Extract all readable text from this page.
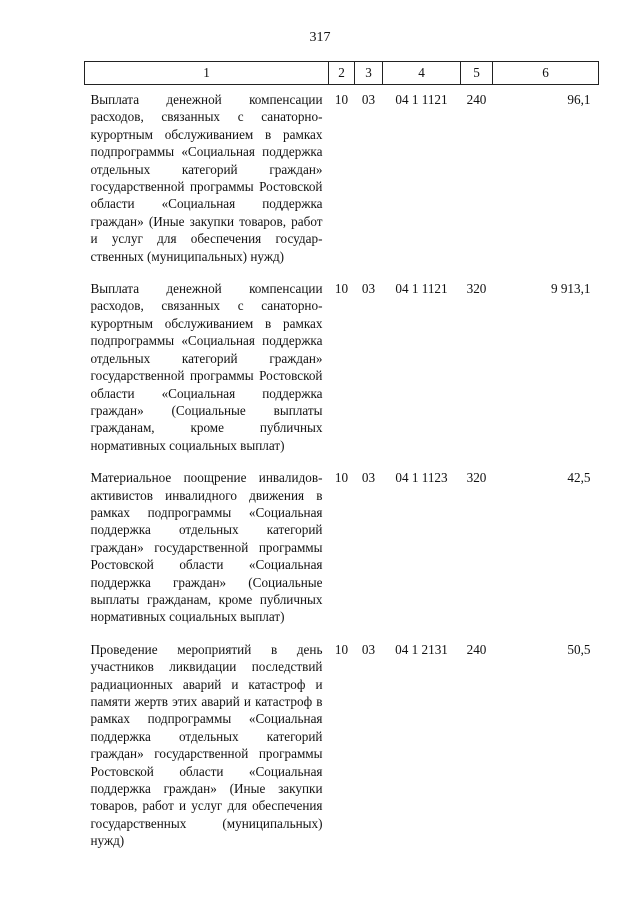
317
1	2	3	4	5	6
Выплата денежной компенсации расходов, связанных с санаторнокурортным обслуживанием в рамках подпрограммы «Социальная поддержка отдельных категорий граждан» государственной программы Ростовской области «Социальная поддержка граждан» (Иные закупки товаров, работ и услуг для обеспечения государственных (муниципальных) нужд)	10	03	04 1 1121	240	96,1
Выплата денежной компенсации расходов, связанных с санаторнокурортным обслуживанием в рамках подпрограммы «Социальная поддержка отдельных категорий граждан» государственной программы Ростовской области «Социальная поддержка граждан» (Социальные выплаты гражданам, кроме публичных нормативных социальных выплат)	10	03	04 1 1121	320	9 913,1
Материальное поощрение инвалидов-активистов инвалидного движения в рамках подпрограммы «Социальная поддержка отдельных категорий граждан» государственной программы Ростовской области «Социальная поддержка граждан» (Социальные выплаты гражданам, кроме публичных нормативных социальных выплат)	10	03	04 1 1123	320	42,5
Проведение мероприятий в день участников ликвидации последствий радиационных аварий и катастроф и памяти жертв этих аварий и катастроф в рамках подпрограммы «Социальная поддержка отдельных категорий граждан» государственной программы Ростовской области «Социальная поддержка граждан» (Иные закупки товаров, работ и услуг для обеспечения государственных (муниципальных) нужд)	10	03	04 1 2131	240	50,5
